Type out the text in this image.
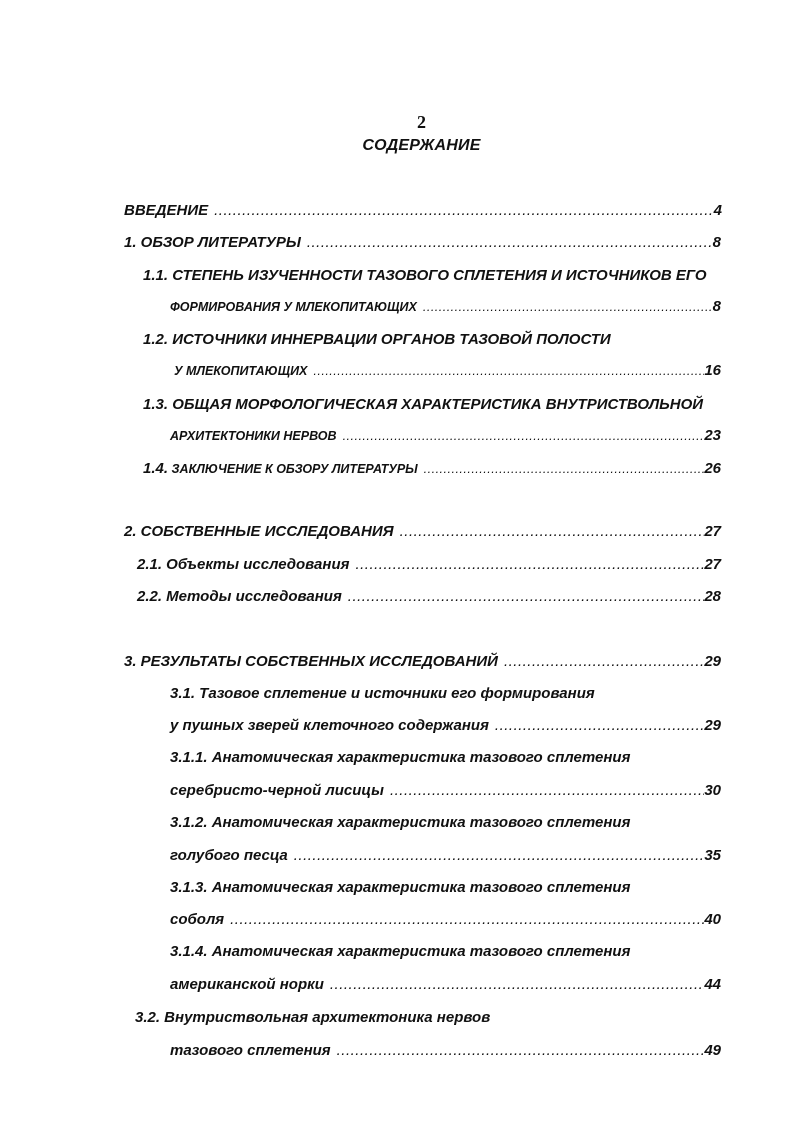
2
СОДЕРЖАНИЕ
ВВЕДЕНИЕ .....	4
1. ОБЗОР ЛИТЕРАТУРЫ .....	8
1.1. СТЕПЕНЬ ИЗУЧЕННОСТИ ТАЗОВОГО СПЛЕТЕНИЯ И ИСТОЧНИКОВ ЕГО
ФОРМИРОВАНИЯ У МЛЕКОПИТАЮЩИХ .....	8
1.2. ИСТОЧНИКИ ИННЕРВАЦИИ ОРГАНОВ ТАЗОВОЙ ПОЛОСТИ
У МЛЕКОПИТАЮЩИХ .....	16
1.3. ОБЩАЯ МОРФОЛОГИЧЕСКАЯ ХАРАКТЕРИСТИКА ВНУТРИСТВОЛЬНОЙ
АРХИТЕКТОНИКИ НЕРВОВ .....	23
1.4. ЗАКЛЮЧЕНИЕ К ОБЗОРУ ЛИТЕРАТУРЫ .....	26
2. СОБСТВЕННЫЕ ИССЛЕДОВАНИЯ .....	27
2.1. Объекты исследования .....	27
2.2. Методы исследования .....	28
3. РЕЗУЛЬТАТЫ СОБСТВЕННЫХ ИССЛЕДОВАНИЙ .....	29
3.1. Тазовое сплетение и источники его формирования
у пушных зверей клеточного содержания .....	29
3.1.1. Анатомическая характеристика тазового сплетения
серебристо-черной лисицы .....	30
3.1.2. Анатомическая характеристика тазового сплетения
голубого песца .....	35
3.1.3. Анатомическая характеристика тазового сплетения
соболя .....	40
3.1.4. Анатомическая характеристика тазового сплетения
американской норки .....	44
3.2. Внутриствольная архитектоника нервов
тазового сплетения .....	49
